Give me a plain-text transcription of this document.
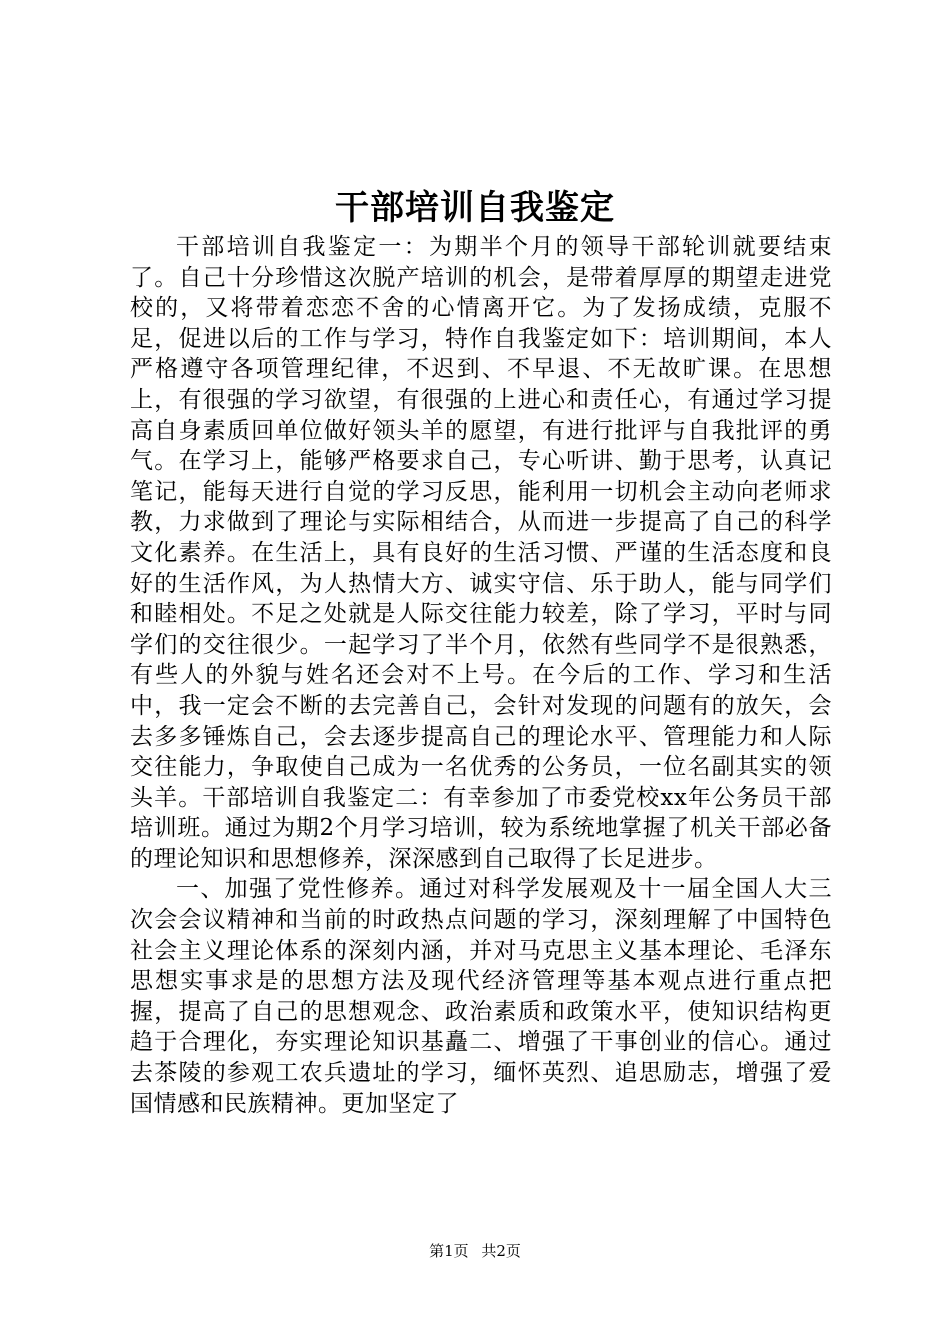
干部培训自我鉴定

干部培训自我鉴定一：为期半个月的领导干部轮训就要结束了。自己十分珍惜这次脱产培训的机会，是带着厚厚的期望走进党校的，又将带着恋恋不舍的心情离开它。为了发扬成绩，克服不足，促进以后的工作与学习，特作自我鉴定如下：培训期间，本人严格遵守各项管理纪律，不迟到、不早退、不无故旷课。在思想上，有很强的学习欲望，有很强的上进心和责任心，有通过学习提高自身素质回单位做好领头羊的愿望，有进行批评与自我批评的勇气。在学习上，能够严格要求自己，专心听讲、勤于思考，认真记笔记，能每天进行自觉的学习反思，能利用一切机会主动向老师求教，力求做到了理论与实际相结合，从而进一步提高了自己的科学文化素养。在生活上，具有良好的生活习惯、严谨的生活态度和良好的生活作风，为人热情大方、诚实守信、乐于助人，能与同学们和睦相处。不足之处就是人际交往能力较差，除了学习，平时与同学们的交往很少。一起学习了半个月，依然有些同学不是很熟悉，有些人的外貌与姓名还会对不上号。在今后的工作、学习和生活中，我一定会不断的去完善自己，会针对发现的问题有的放矢，会去多多锤炼自己，会去逐步提高自己的理论水平、管理能力和人际交往能力，争取使自己成为一名优秀的公务员，一位名副其实的领头羊。干部培训自我鉴定二：有幸参加了市委党校xx年公务员干部培训班。通过为期2个月学习培训，较为系统地掌握了机关干部必备的理论知识和思想修养，深深感到自己取得了长足进步。

一、加强了党性修养。通过对科学发展观及十一届全国人大三次会会议精神和当前的时政热点问题的学习，深刻理解了中国特色社会主义理论体系的深刻内涵，并对马克思主义基本理论、毛泽东思想实事求是的思想方法及现代经济管理等基本观点进行重点把握，提高了自己的思想观念、政治素质和政策水平，使知识结构更趋于合理化，夯实理论知识基矗二、增强了干事创业的信心。通过去茶陵的参观工农兵遗址的学习，缅怀英烈、追思励志，增强了爱国情感和民族精神。更加坚定了

第1页 共2页
